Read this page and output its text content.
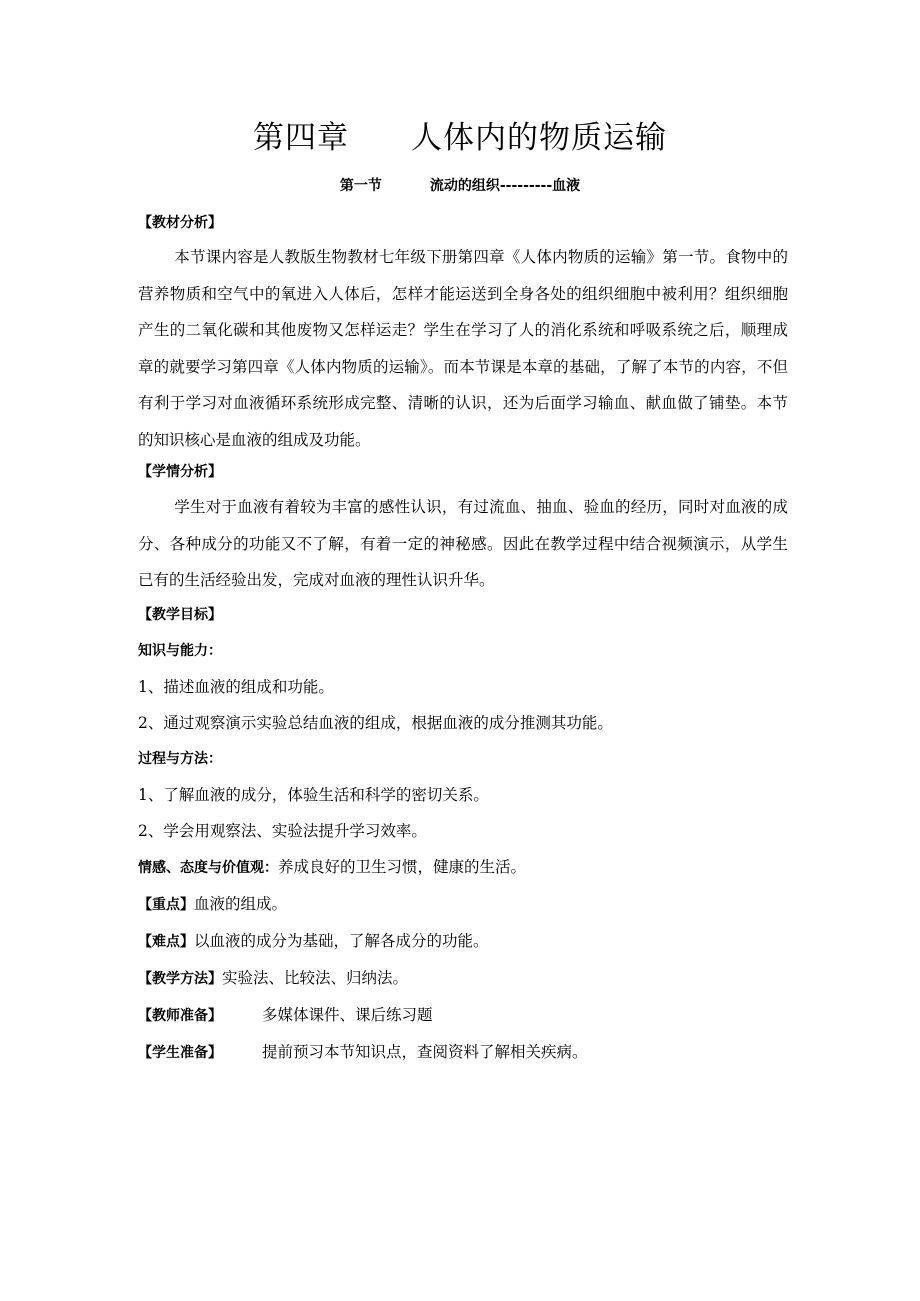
第四章 人体内的物质运输
第一节	流动的组织---------血液
【教材分析】
本节课内容是人教版生物教材七年级下册第四章《人体内物质的运输》第一节。食物中的营养物质和空气中的氧进入人体后，怎样才能运送到全身各处的组织细胞中被利用？组织细胞产生的二氧化碳和其他废物又怎样运走？学生在学习了人的消化系统和呼吸系统之后，顺理成章的就要学习第四章《人体内物质的运输》。而本节课是本章的基础，了解了本节的内容，不但有利于学习对血液循环系统形成完整、清晰的认识，还为后面学习输血、献血做了铺垫。本节的知识核心是血液的组成及功能。
【学情分析】
学生对于血液有着较为丰富的感性认识，有过流血、抽血、验血的经历，同时对血液的成分、各种成分的功能又不了解，有着一定的神秘感。因此在教学过程中结合视频演示，从学生已有的生活经验出发，完成对血液的理性认识升华。
【教学目标】
知识与能力：
1、描述血液的组成和功能。
2、通过观察演示实验总结血液的组成，根据血液的成分推测其功能。
过程与方法：
1、了解血液的成分，体验生活和科学的密切关系。
2、学会用观察法、实验法提升学习效率。
情感、态度与价值观：养成良好的卫生习惯，健康的生活。
【重点】血液的组成。
【难点】以血液的成分为基础，了解各成分的功能。
【教学方法】实验法、比较法、归纳法。
【教师准备】	多媒体课件、课后练习题
【学生准备】	提前预习本节知识点，查阅资料了解相关疾病。
